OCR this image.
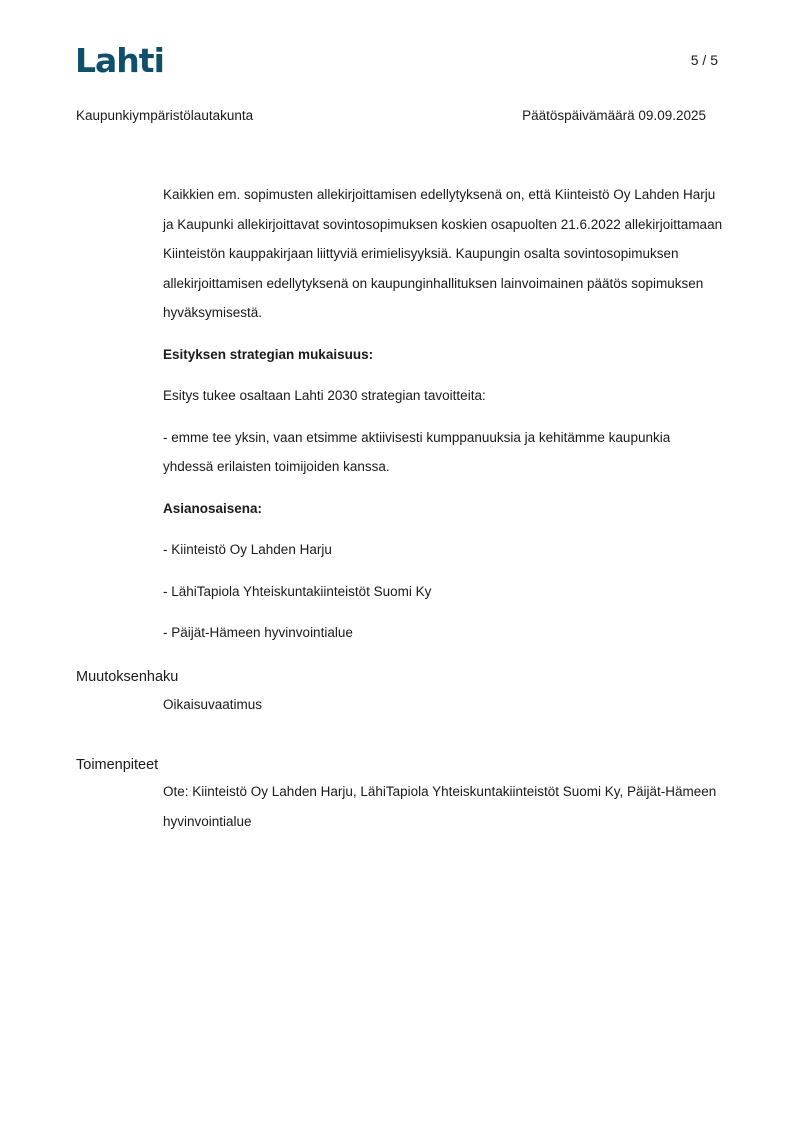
Lahti	5 / 5
Kaupunkiympäristölautakunta	Päätöspäivämäärä 09.09.2025

Kaikkien em. sopimusten allekirjoittamisen edellytyksenä on, että Kiinteistö Oy Lahden Harju ja Kaupunki allekirjoittavat sovintosopimuksen koskien osapuolten 21.6.2022 allekirjoittamaan Kiinteistön kauppakirjaan liittyviä erimielisyyksiä. Kaupungin osalta sovintosopimuksen allekirjoittamisen edellytyksenä on kaupunginhallituksen lainvoimainen päätös sopimuksen hyväksymisestä.

Esityksen strategian mukaisuus:

Esitys tukee osaltaan Lahti 2030 strategian tavoitteita:

- emme tee yksin, vaan etsimme aktiivisesti kumppanuuksia ja kehitämme kaupunkia yhdessä erilaisten toimijoiden kanssa.

Asianosaisena:

- Kiinteistö Oy Lahden Harju

- LähiTapiola Yhteiskuntakiinteistöt Suomi Ky

- Päijät-Hämeen hyvinvointialue

Muutoksenhaku
Oikaisuvaatimus
Toimenpiteet
Ote: Kiinteistö Oy Lahden Harju, LähiTapiola Yhteiskuntakiinteistöt Suomi Ky, Päijät-Hämeen hyvinvointialue
